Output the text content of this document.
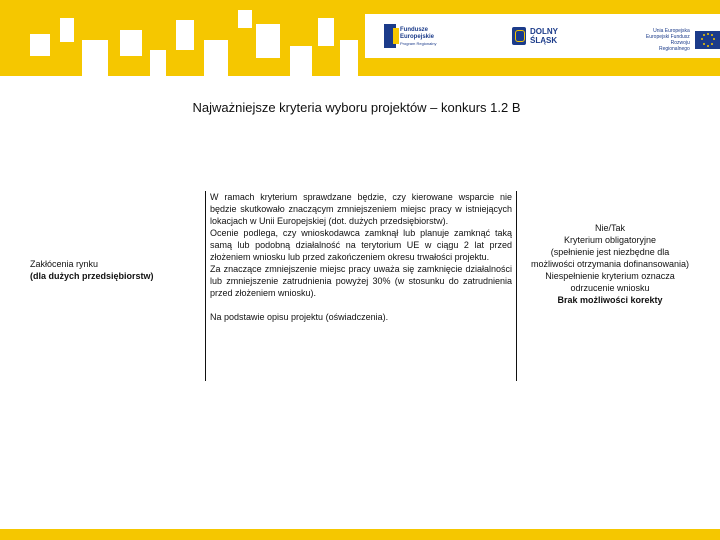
Fundusze
Europejskie
Program Regionalny
DOLNY
ŚLĄSK
Unia Europejska
Europejski Fundusz
Rozwoju Regionalnego
Najważniejsze kryteria wyboru projektów – konkurs 1.2 B
Zakłócenia rynku
(dla dużych przedsiębiorstw)

W ramach kryterium sprawdzane będzie, czy kierowane wsparcie nie będzie skutkowało znaczącym zmniejszeniem miejsc pracy w istniejących lokacjach w Unii Europejskiej (dot. dużych przedsiębiorstw).

Ocenie podlega, czy wnioskodawca zamknął lub planuje zamknąć taką samą lub podobną działalność na terytorium UE w ciągu 2 lat przed złożeniem wniosku lub przed zakończeniem okresu trwałości projektu.

Za znaczące zmniejszenie miejsc pracy uważa się zamknięcie działalności lub zmniejszenie zatrudnienia powyżej 30% (w stosunku do zatrudnienia przed złożeniem wniosku).

Na podstawie opisu projektu (oświadczenia).

Nie/Tak
Kryterium obligatoryjne
(spełnienie jest niezbędne dla możliwości otrzymania dofinansowania)
Niespełnienie kryterium oznacza odrzucenie wniosku
Brak możliwości korekty
